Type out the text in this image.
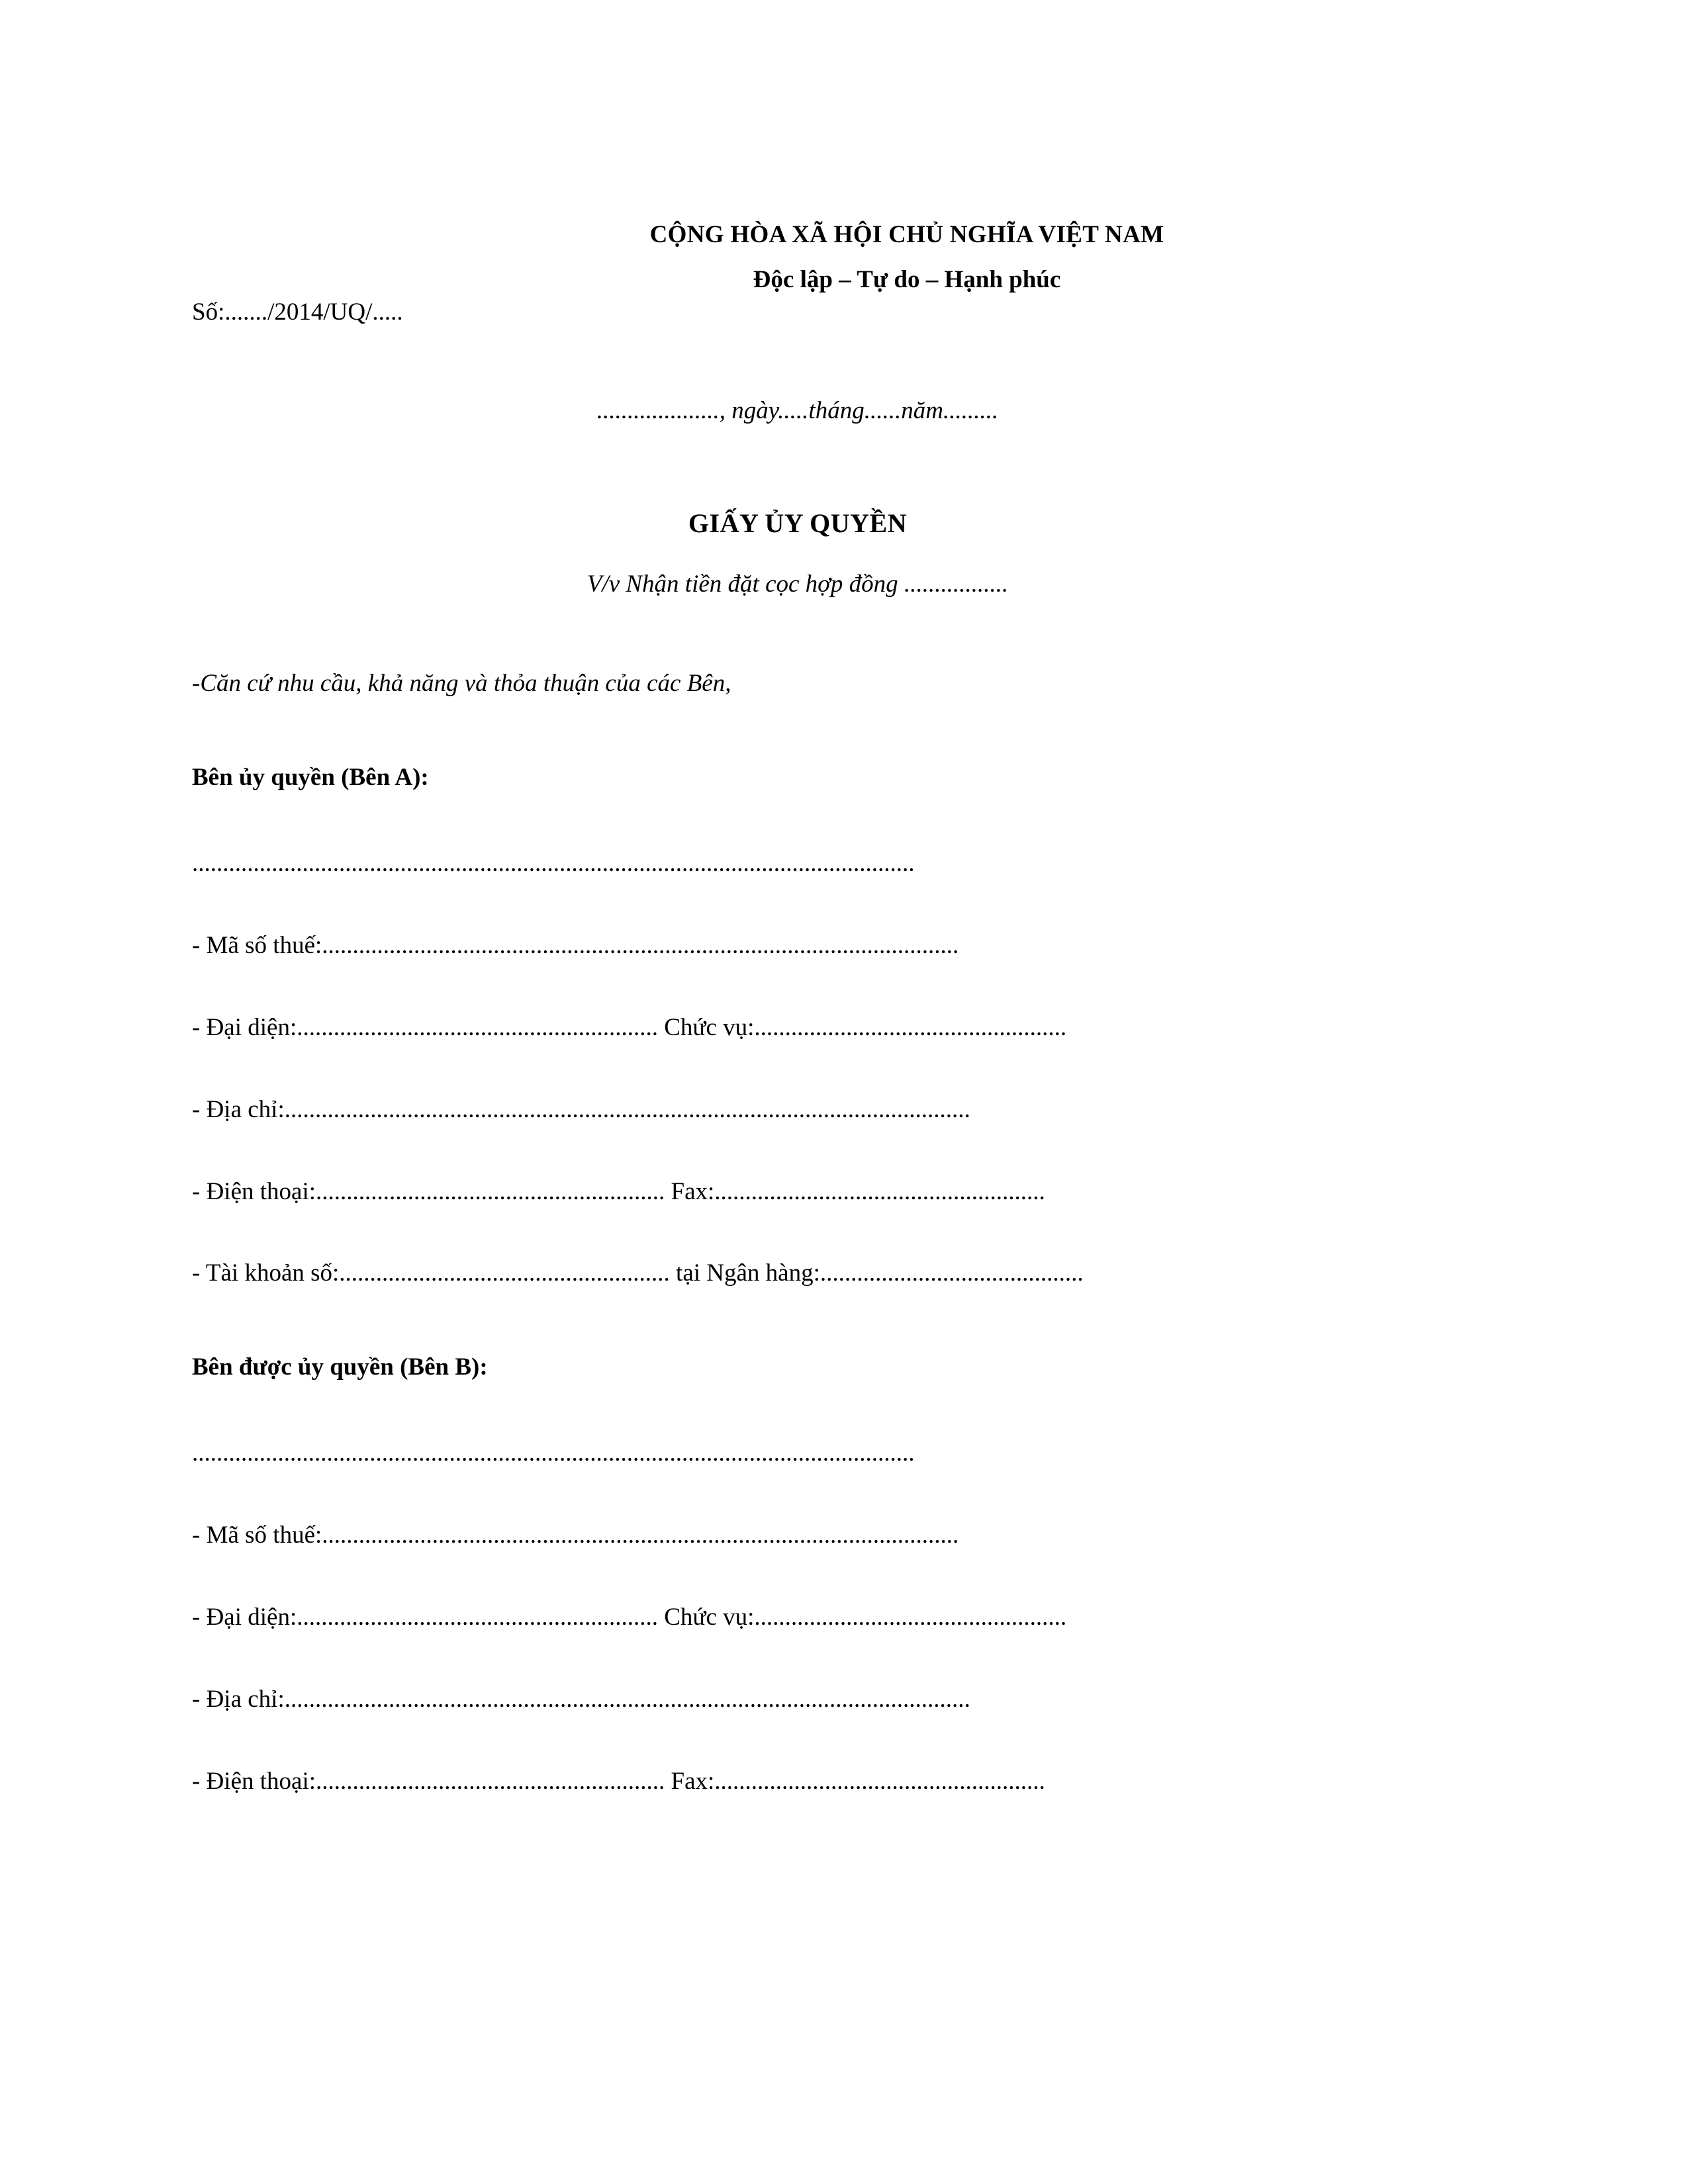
Số:......./2014/UQ/.....
CỘNG HÒA XÃ HỘI CHỦ NGHĨA VIỆT NAM
Độc lập – Tự do – Hạnh phúc
...................., ngày.....tháng......năm.........
GIẤY ỦY QUYỀN
V/v Nhận tiền đặt cọc hợp đồng .................
-Căn cứ nhu cầu, khả năng và thỏa thuận của các Bên,
Bên ủy quyền (Bên A):
......................................................................................................................
- Mã số thuế:........................................................................................................
- Đại diện:........................................................... Chức vụ:...................................................
- Địa chỉ:................................................................................................................
- Điện thoại:......................................................... Fax:......................................................
- Tài khoản số:...................................................... tại Ngân hàng:...........................................
Bên được ủy quyền (Bên B):
......................................................................................................................
- Mã số thuế:........................................................................................................
- Đại diện:........................................................... Chức vụ:...................................................
- Địa chỉ:................................................................................................................
- Điện thoại:......................................................... Fax:......................................................
